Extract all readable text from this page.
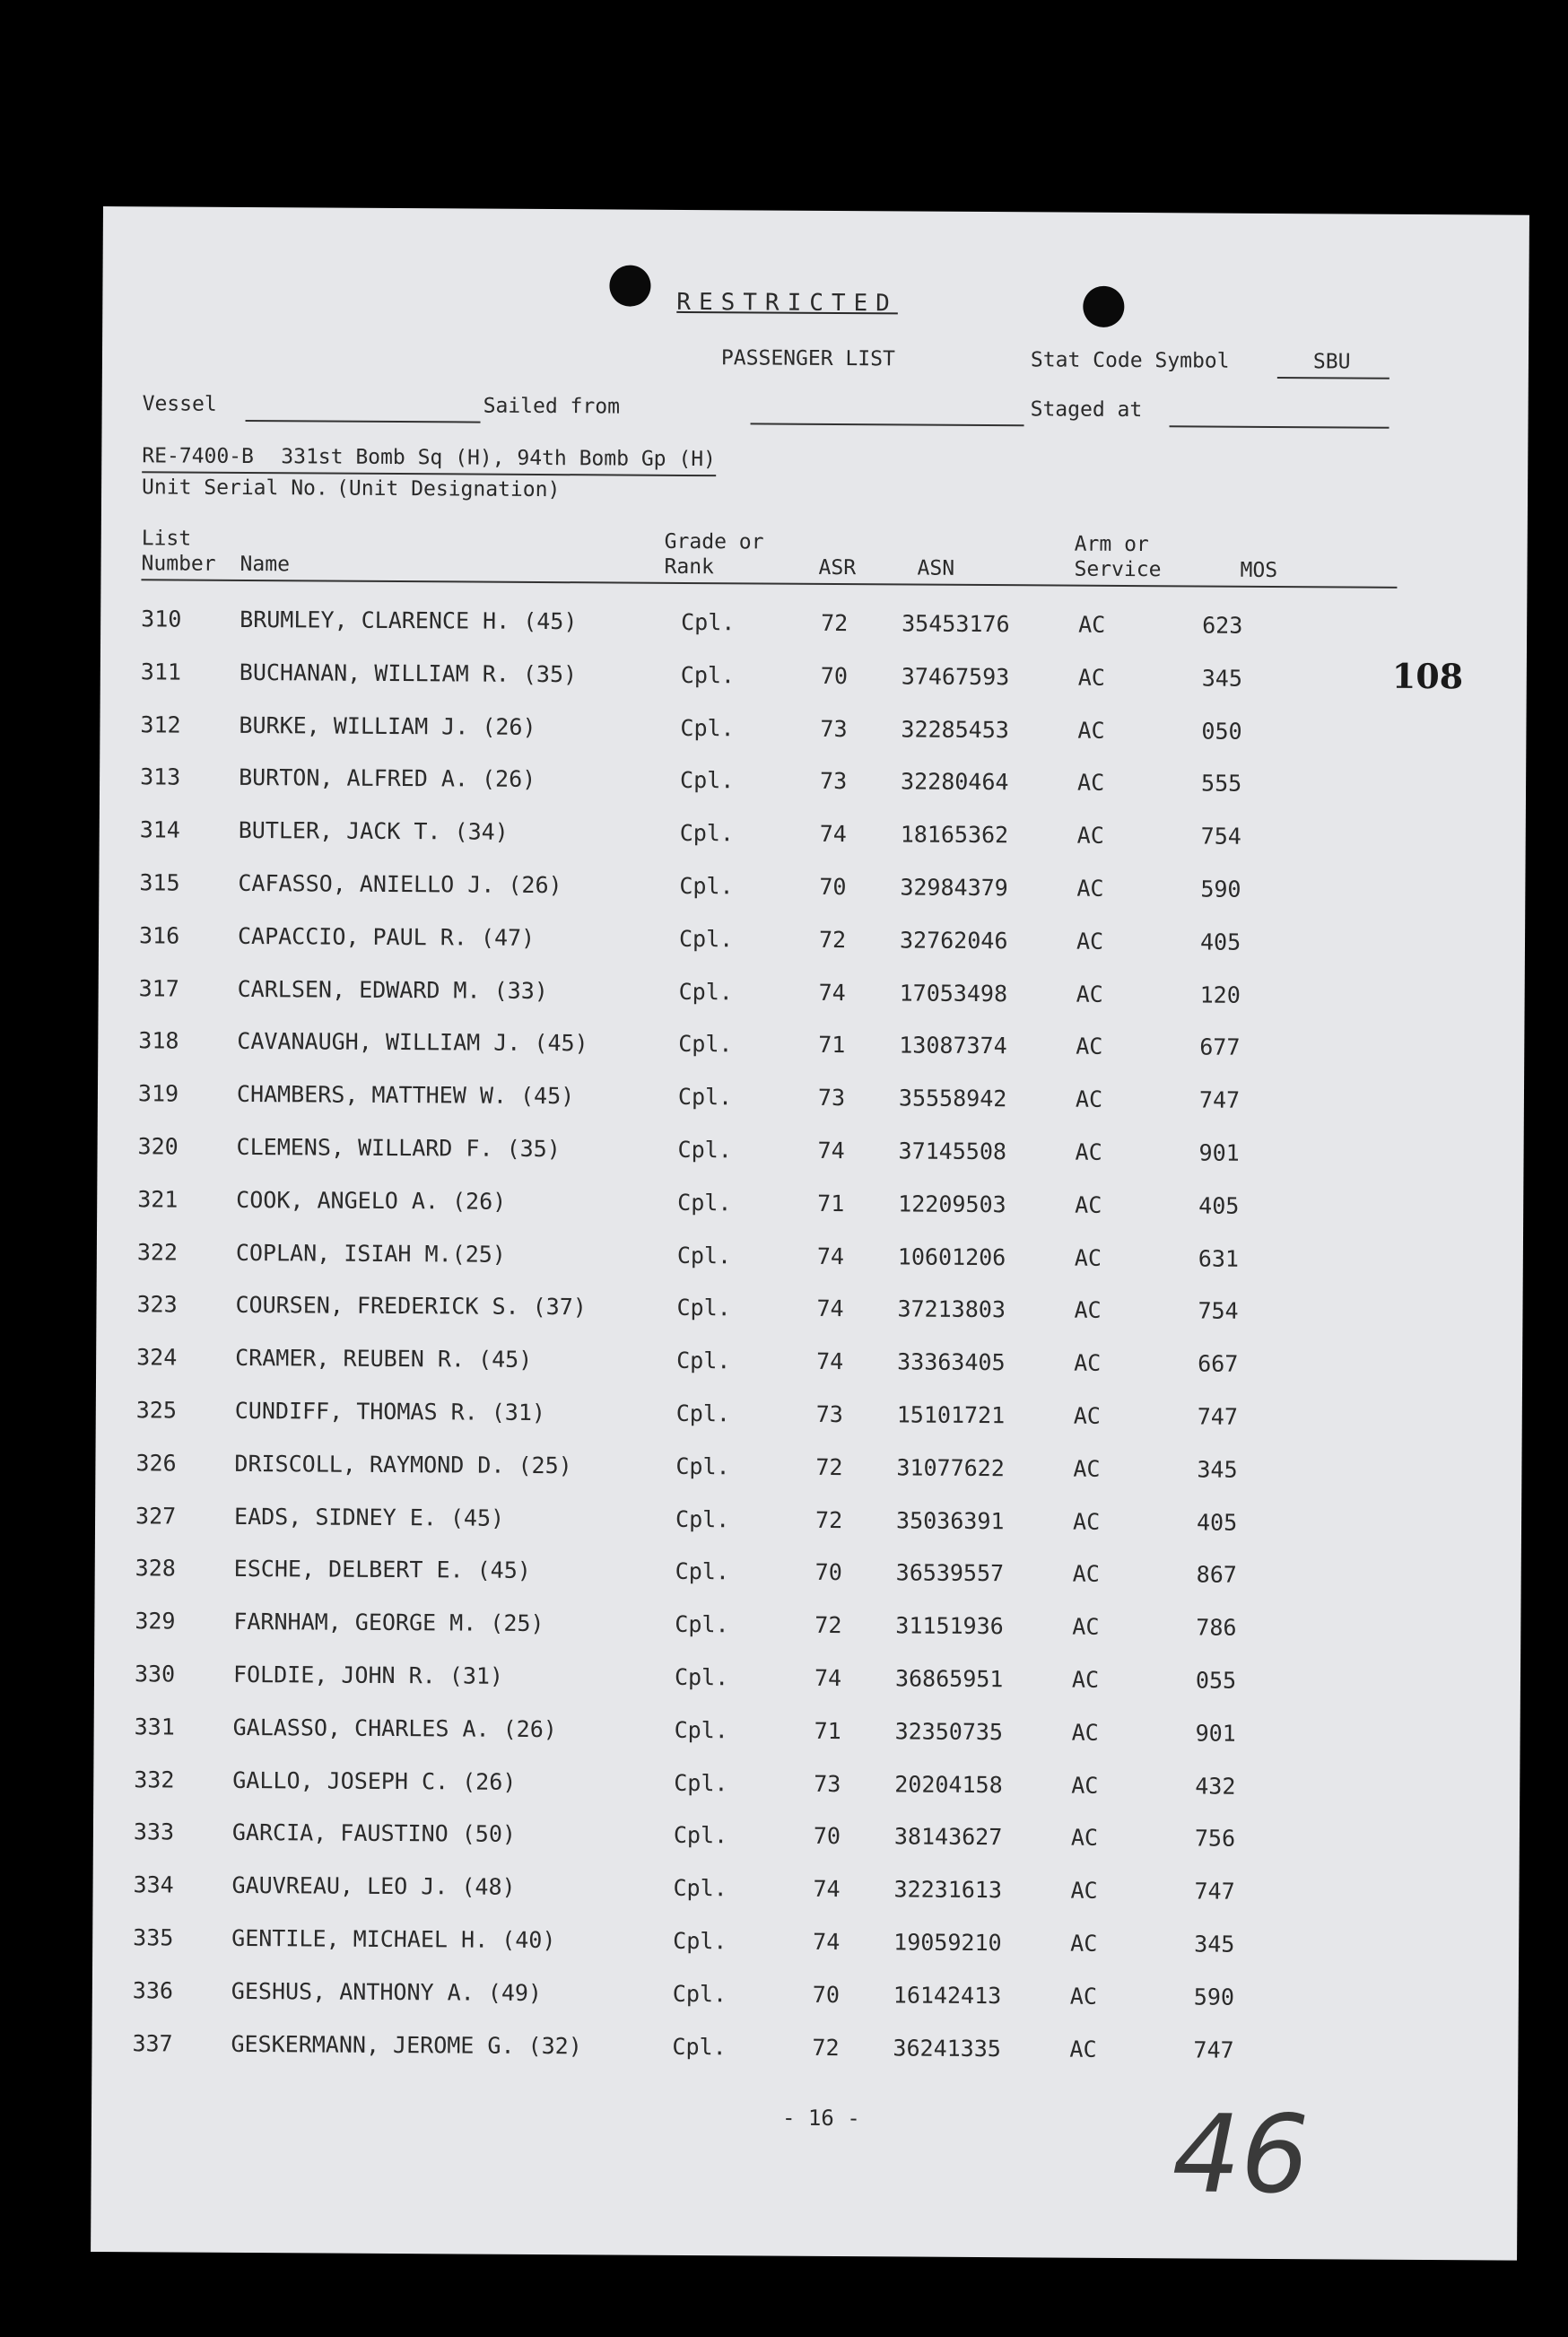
RESTRICTED
PASSENGER LIST	Stat Code Symbol	SBU
Vessel	Sailed from	Staged at
RE-7400-B 331st Bomb Sq (H), 94th Bomb Gp (H)
Unit Serial No. (Unit Designation)
List
Number Name
Grade or
Rank	ASR	ASN
Arm or
Service	MOS
310	BRUMLEY, CLARENCE H. (45)	Cpl.	72 35453176	AC	623
311	BUCHANAN, WILLIAM R. (35)	Cpl.	70 37467593	AC	345
312	BURKE, WILLIAM J. (26)	Cpl.	73 32285453	AC	050
313	BURTON, ALFRED A. (26)	Cpl.	73 32280464	AC	555
314	BUTLER, JACK T. (34)	Cpl.	74 18165362	AC	754
315	CAFASSO, ANIELLO J. (26)	Cpl.	70 32984379	AC	590
316	CAPACCIO, PAUL R. (47)	Cpl.	72 32762046	AC	405
317	CARLSEN, EDWARD M. (33)	Cpl.	74 17053498	AC	120
318	CAVANAUGH, WILLIAM J. (45)	Cpl.	71 13087374	AC	677
319	CHAMBERS, MATTHEW W. (45)	Cpl.	73 35558942	AC	747
320	CLEMENS, WILLARD F. (35)	Cpl.	74 37145508	AC	901
321	COOK, ANGELO A. (26)	Cpl.	71 12209503	AC	405
322	COPLAN, ISIAH M.(25)	Cpl.	74 10601206	AC	631
323	COURSEN, FREDERICK S. (37)	Cpl.	74 37213803	AC	754
324	CRAMER, REUBEN R. (45)	Cpl.	74 33363405	AC	667
325	CUNDIFF, THOMAS R. (31)	Cpl.	73 15101721	AC	747
326	DRISCOLL, RAYMOND D. (25)	Cpl.	72 31077622	AC	345
327	EADS, SIDNEY E. (45)	Cpl.	72 35036391	AC	405
328	ESCHE, DELBERT E. (45)	Cpl.	70 36539557	AC	867
329	FARNHAM, GEORGE M. (25)	Cpl.	72 31151936	AC	786
330	FOLDIE, JOHN R. (31)	Cpl.	74 36865951	AC	055
331	GALASSO, CHARLES A. (26)	Cpl.	71 32350735	AC	901
332	GALLO, JOSEPH C. (26)	Cpl.	73 20204158	AC	432
333	GARCIA, FAUSTINO (50)	Cpl.	70 38143627	AC	756
334	GAUVREAU, LEO J. (48)	Cpl.	74 32231613	AC	747
335	GENTILE, MICHAEL H. (40)	Cpl.	74 19059210	AC	345
336	GESHUS, ANTHONY A. (49)	Cpl.	70 16142413	AC	590
337	GESKERMANN, JEROME G. (32)	Cpl.	72 36241335	AC	747
108
- 16 -	46
